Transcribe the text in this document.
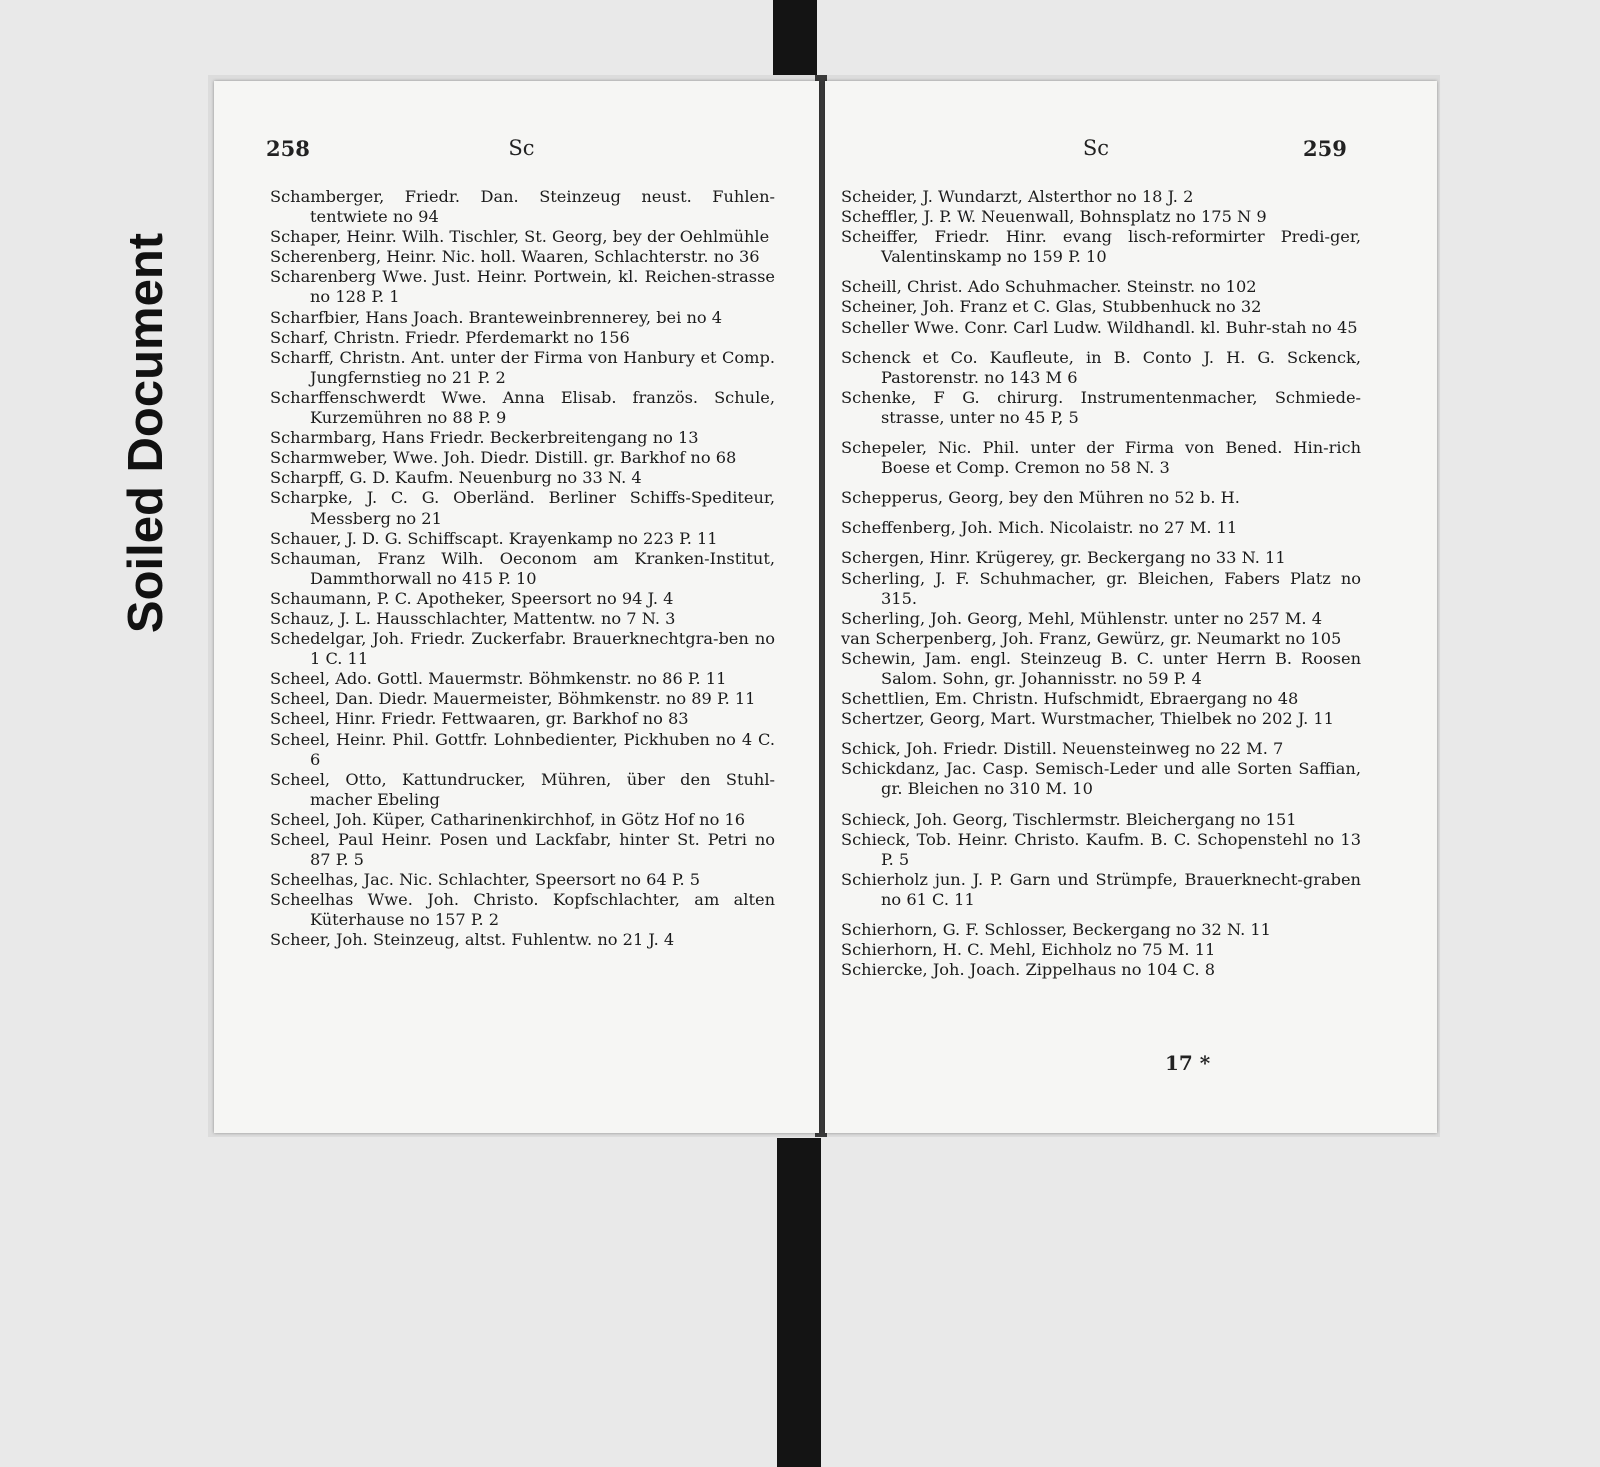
Soiled Document
258	Sc
Schamberger, Friedr. Dan. Steinzeug neust. Fuhlen-tentwiete no 94
Schaper, Heinr. Wilh. Tischler, St. Georg, bey der Oehlmühle
Scherenberg, Heinr. Nic. holl. Waaren, Schlachterstr. no 36
Scharenberg Wwe. Just. Heinr. Portwein, kl. Reichen-strasse no 128 P. 1
Scharfbier, Hans Joach. Branteweinbrennerey, bei no 4
Scharf, Christn. Friedr. Pferdemarkt no 156
Scharff, Christn. Ant. unter der Firma von Hanbury et Comp. Jungfernstieg no 21 P. 2
Scharffenschwerdt Wwe. Anna Elisab. französ. Schule, Kurzemühren no 88 P. 9
Scharmbarg, Hans Friedr. Beckerbreitengang no 13
Scharmweber, Wwe. Joh. Diedr. Distill. gr. Barkhof no 68
Scharpff, G. D. Kaufm. Neuenburg no 33 N. 4
Scharpke, J. C. G. Oberländ. Berliner Schiffs-Spediteur, Messberg no 21
Schauer, J. D. G. Schiffscapt. Krayenkamp no 223 P. 11
Schauman, Franz Wilh. Oeconom am Kranken-Institut, Dammthorwall no 415 P. 10
Schaumann, P. C. Apotheker, Speersort no 94 J. 4
Schauz, J. L. Hausschlachter, Mattentw. no 7 N. 3
Schedelgar, Joh. Friedr. Zuckerfabr. Brauerknechtgra-ben no 1 C. 11
Scheel, Ado. Gottl. Mauermstr. Böhmkenstr. no 86 P. 11
Scheel, Dan. Diedr. Mauermeister, Böhmkenstr. no 89 P. 11
Scheel, Hinr. Friedr. Fettwaaren, gr. Barkhof no 83
Scheel, Heinr. Phil. Gottfr. Lohnbedienter, Pickhuben no 4 C. 6
Scheel, Otto, Kattundrucker, Mühren, über den Stuhl-macher Ebeling
Scheel, Joh. Küper, Catharinenkirchhof, in Götz Hof no 16
Scheel, Paul Heinr. Posen und Lackfabr, hinter St. Petri no 87 P. 5
Scheelhas, Jac. Nic. Schlachter, Speersort no 64 P. 5
Scheelhas Wwe. Joh. Christo. Kopfschlachter, am alten Küterhause no 157 P. 2
Scheer, Joh. Steinzeug, altst. Fuhlentw. no 21 J. 4
Sc	259
Scheider, J. Wundarzt, Alsterthor no 18 J. 2
Scheffler, J. P. W. Neuenwall, Bohnsplatz no 175 N 9
Scheiffer, Friedr. Hinr. evang lisch-reformirter Predi-ger, Valentinskamp no 159 P. 10
Scheill, Christ. Ado Schuhmacher. Steinstr. no 102
Scheiner, Joh. Franz et C. Glas, Stubbenhuck no 32
Scheller Wwe. Conr. Carl Ludw. Wildhandl. kl. Buhr-stah no 45
Schenck et Co. Kaufleute, in B. Conto J. H. G. Sckenck, Pastorenstr. no 143 M 6
Schenke, F G. chirurg. Instrumentenmacher, Schmiede-strasse, unter no 45 P, 5
Schepeler, Nic. Phil. unter der Firma von Bened. Hin-rich Boese et Comp. Cremon no 58 N. 3
Schepperus, Georg, bey den Mühren no 52 b. H.
Scheffenberg, Joh. Mich. Nicolaistr. no 27 M. 11
Schergen, Hinr. Krügerey, gr. Beckergang no 33 N. 11
Scherling, J. F. Schuhmacher, gr. Bleichen, Fabers Platz no 315.
Scherling, Joh. Georg, Mehl, Mühlenstr. unter no 257 M. 4
van Scherpenberg, Joh. Franz, Gewürz, gr. Neumarkt no 105
Schewin, Jam. engl. Steinzeug B. C. unter Herrn B. Roosen Salom. Sohn, gr. Johannisstr. no 59 P. 4
Schettlien, Em. Christn. Hufschmidt, Ebraergang no 48
Schertzer, Georg, Mart. Wurstmacher, Thielbek no 202 J. 11
Schick, Joh. Friedr. Distill. Neuensteinweg no 22 M. 7
Schickdanz, Jac. Casp. Semisch-Leder und alle Sorten Saffian, gr. Bleichen no 310 M. 10
Schieck, Joh. Georg, Tischlermstr. Bleichergang no 151
Schieck, Tob. Heinr. Christo. Kaufm. B. C. Schopenstehl no 13 P. 5
Schierholz jun. J. P. Garn und Strümpfe, Brauerknecht-graben no 61 C. 11
Schierhorn, G. F. Schlosser, Beckergang no 32 N. 11
Schierhorn, H. C. Mehl, Eichholz no 75 M. 11
Schiercke, Joh. Joach. Zippelhaus no 104 C. 8
17 *
